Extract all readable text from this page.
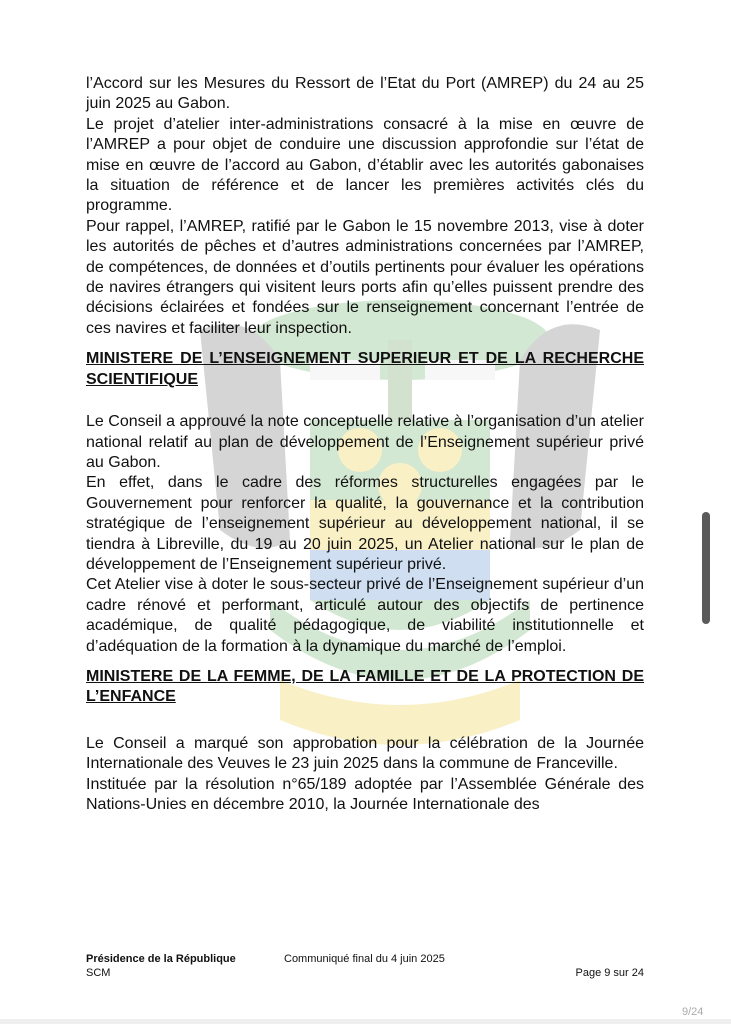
l’Accord sur les Mesures du Ressort de l’Etat du Port (AMREP) du 24 au 25 juin 2025 au Gabon.

Le projet d’atelier inter-administrations consacré à la mise en œuvre de l’AMREP a pour objet de conduire une discussion approfondie sur l’état de mise en œuvre de l’accord au Gabon, d’établir avec les autorités gabonaises la situation de référence et de lancer les premières activités clés du programme.

Pour rappel, l’AMREP, ratifié par le Gabon le 15 novembre 2013, vise à doter les autorités de pêches et d’autres administrations concernées par l’AMREP, de compétences, de données et d’outils pertinents pour évaluer les opérations de navires étrangers qui visitent leurs ports afin qu’elles puissent prendre des décisions éclairées et fondées sur le renseignement concernant l’entrée de ces navires et faciliter leur inspection.

MINISTERE DE L’ENSEIGNEMENT SUPERIEUR ET DE LA RECHERCHE SCIENTIFIQUE

Le Conseil a approuvé la note conceptuelle relative à l’organisation d’un atelier national relatif au plan de développement de l’Enseignement supérieur privé au Gabon.

En effet, dans le cadre des réformes structurelles engagées par le Gouvernement pour renforcer la qualité, la gouvernance et la contribution stratégique de l’enseignement supérieur au développement national, il se tiendra à Libreville, du 19 au 20 juin 2025, un Atelier national sur le plan de développement de l’Enseignement supérieur privé.

Cet Atelier vise à doter le sous-secteur privé de l’Enseignement supérieur d’un cadre rénové et performant, articulé autour des objectifs de pertinence académique, de qualité pédagogique, de viabilité institutionnelle et d’adéquation de la formation à la dynamique du marché de l’emploi.

MINISTERE DE LA FEMME, DE LA FAMILLE ET DE LA PROTECTION DE L’ENFANCE

Le Conseil a marqué son approbation pour la célébration de la Journée Internationale des Veuves le 23 juin 2025 dans la commune de Franceville.

Instituée par la résolution n°65/189 adoptée par l’Assemblée Générale des Nations-Unies en décembre 2010, la Journée Internationale des

Présidence de la République
SCM
Communiqué final du 4 juin 2025
Page 9 sur 24
9/24
